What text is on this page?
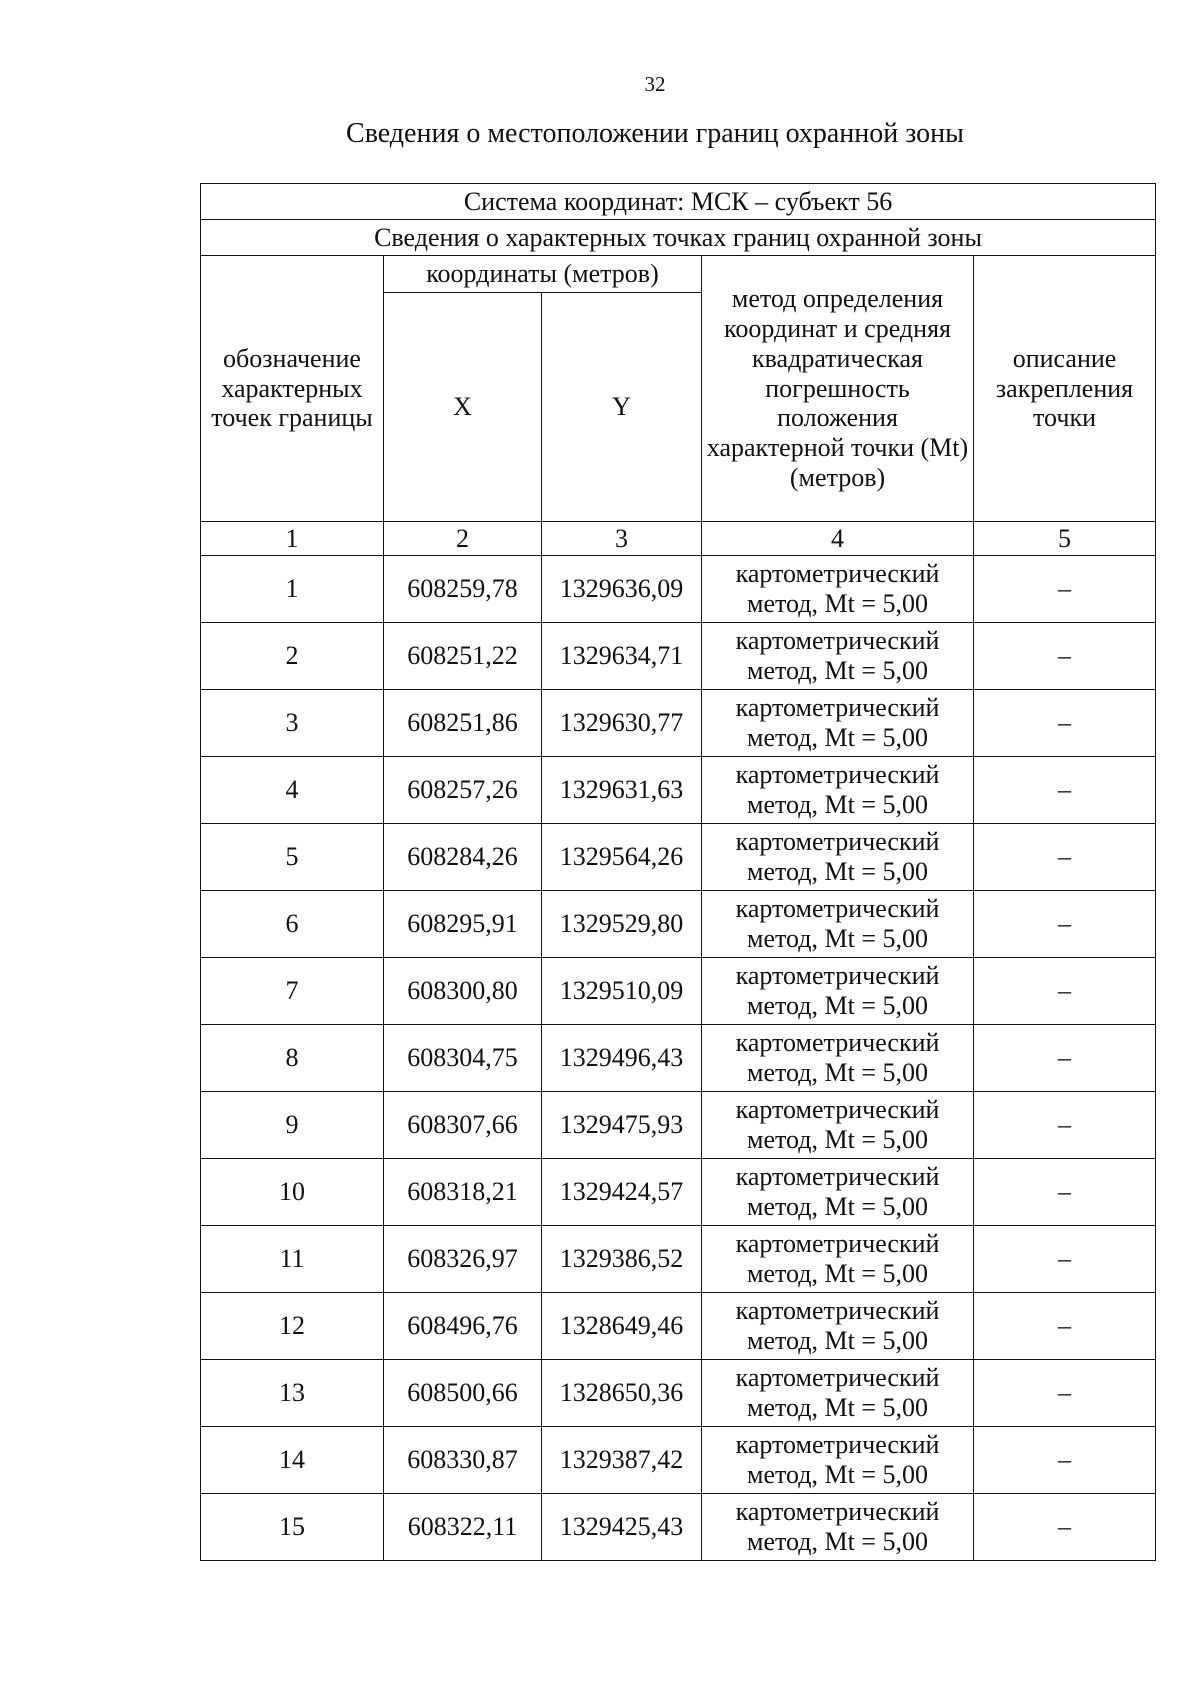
32
Сведения о местоположении границ охранной зоны
Система координат: МСК – субъект 56				
Сведения о характерных точках границ охранной зоны				
обозначение характерных точек границы	координаты (метров)		метод определения координат и средняя квадратическая погрешность положения характерной точки (Mt) (метров)	описание закрепления точки
	X	Y		
1	2	3	4	5
1	608259,78	1329636,09	картометрический метод, Mt = 5,00	–
2	608251,22	1329634,71	картометрический метод, Mt = 5,00	–
3	608251,86	1329630,77	картометрический метод, Mt = 5,00	–
4	608257,26	1329631,63	картометрический метод, Mt = 5,00	–
5	608284,26	1329564,26	картометрический метод, Mt = 5,00	–
6	608295,91	1329529,80	картометрический метод, Mt = 5,00	–
7	608300,80	1329510,09	картометрический метод, Mt = 5,00	–
8	608304,75	1329496,43	картометрический метод, Mt = 5,00	–
9	608307,66	1329475,93	картометрический метод, Mt = 5,00	–
10	608318,21	1329424,57	картометрический метод, Mt = 5,00	–
11	608326,97	1329386,52	картометрический метод, Mt = 5,00	–
12	608496,76	1328649,46	картометрический метод, Mt = 5,00	–
13	608500,66	1328650,36	картометрический метод, Mt = 5,00	–
14	608330,87	1329387,42	картометрический метод, Mt = 5,00	–
15	608322,11	1329425,43	картометрический метод, Mt = 5,00	–
